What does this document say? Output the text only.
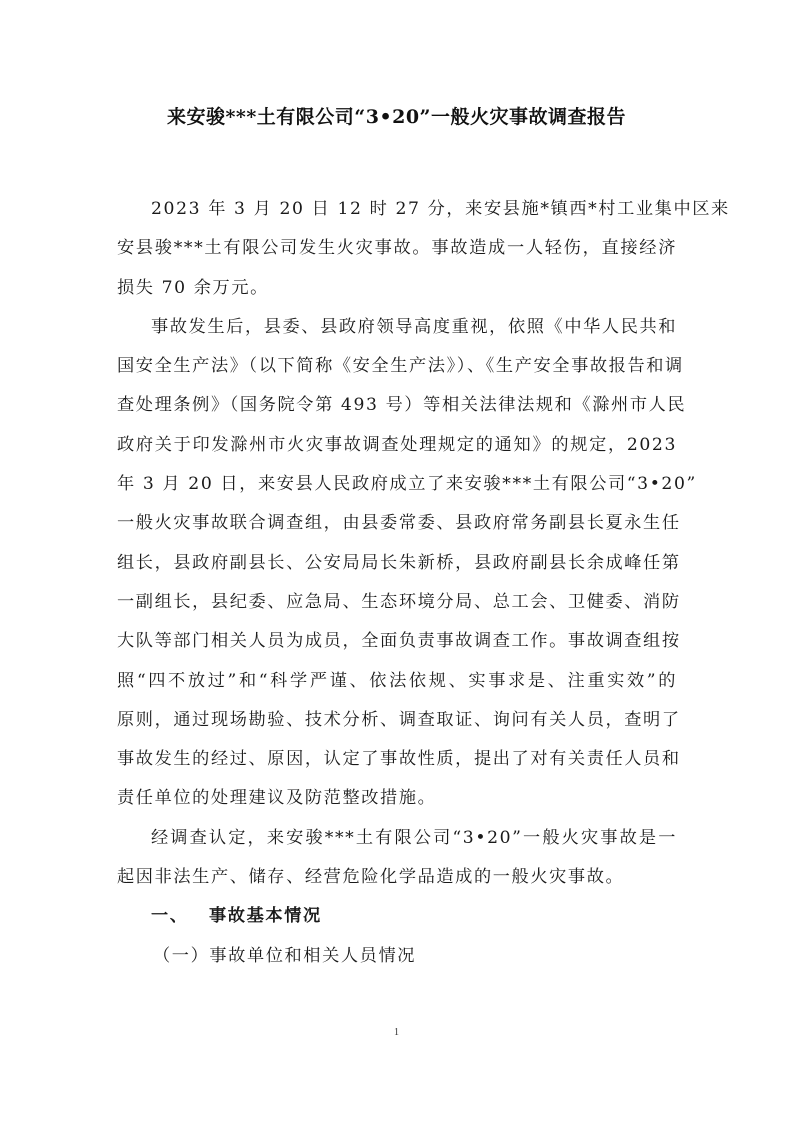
来安骏***土有限公司“3•20”一般火灾事故调查报告
2023 年 3 月 20 日 12 时 27 分，来安县施*镇西*村工业集中区来
安县骏***土有限公司发生火灾事故。事故造成一人轻伤，直接经济
损失 70 余万元。
事故发生后，县委、县政府领导高度重视，依照《中华人民共和
国安全生产法》（以下简称《安全生产法》）、《生产安全事故报告和调
查处理条例》（国务院令第 493 号）等相关法律法规和《滁州市人民
政府关于印发滁州市火灾事故调查处理规定的通知》的规定，2023
年 3 月 20 日，来安县人民政府成立了来安骏***土有限公司“3•20”
一般火灾事故联合调查组，由县委常委、县政府常务副县长夏永生任
组长，县政府副县长、公安局局长朱新桥，县政府副县长余成峰任第
一副组长，县纪委、应急局、生态环境分局、总工会、卫健委、消防
大队等部门相关人员为成员，全面负责事故调查工作。事故调查组按
照“四不放过”和“科学严谨、依法依规、实事求是、注重实效”的
原则，通过现场勘验、技术分析、调查取证、询问有关人员，查明了
事故发生的经过、原因，认定了事故性质，提出了对有关责任人员和
责任单位的处理建议及防范整改措施。
经调查认定，来安骏***土有限公司“3•20”一般火灾事故是一
起因非法生产、储存、经营危险化学品造成的一般火灾事故。
一、 事故基本情况
（一）事故单位和相关人员情况
1
